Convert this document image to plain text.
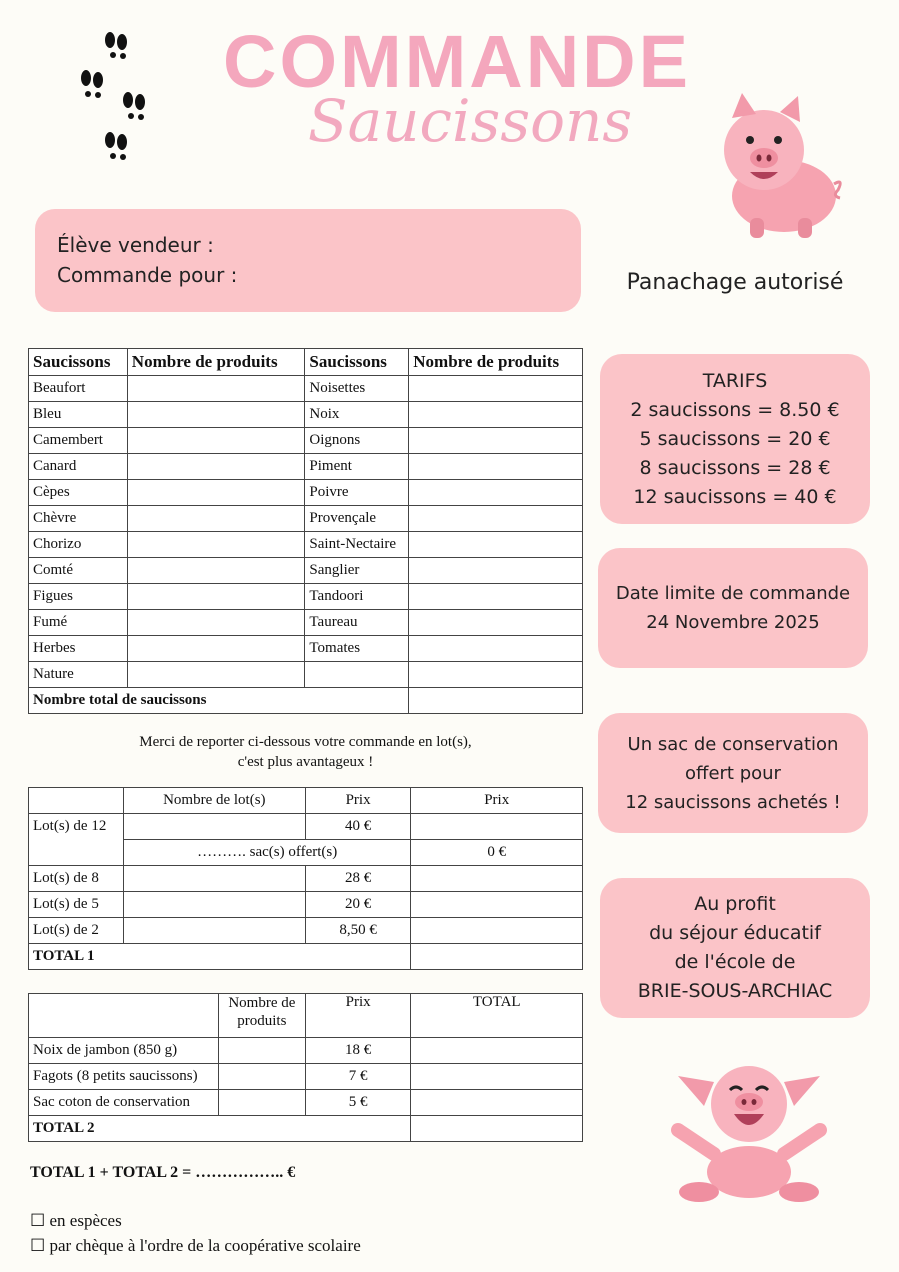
COMMANDE
Saucissons
Élève vendeur :
Commande pour :	Panachage autorisé
Saucissons	Nombre de produits	Saucissons	Nombre de produits
Beaufort		Noisettes	
Bleu		Noix	
Camembert		Oignons	
Canard		Piment	
Cèpes		Poivre	
Chèvre		Provençale	
Chorizo		Saint-Nectaire	
Comté		Sanglier	
Figues		Tandoori	
Fumé		Taureau	
Herbes		Tomates	
Nature			
Nombre total de saucissons			
Merci de reporter ci-dessous votre commande en lot(s),
c'est plus avantageux !
	Nombre de lot(s)	Prix	Prix
Lot(s) de 12		40 €	
	………. sac(s) offert(s)		0 €
Lot(s) de 8		28 €	
Lot(s) de 5		20 €	
Lot(s) de 2		8,50 €	
TOTAL 1			
	Nombre de produits	Prix	TOTAL
Noix de jambon (850 g)		18 €	
Fagots (8 petits saucissons)		7 €	
Sac coton de conservation		5 €	
TOTAL 2			
TOTAL 1 + TOTAL 2 = …………….. €
☐ en espèces
☐ par chèque à l'ordre de la coopérative scolaire
TARIFS
2 saucissons = 8.50 €
5 saucissons = 20 €
8 saucissons = 28 €
12 saucissons = 40 €
Date limite de commande
24 Novembre 2025
Un sac de conservation
offert pour
12 saucissons achetés !
Au profit
du séjour éducatif
de l'école de
BRIE-SOUS-ARCHIAC
